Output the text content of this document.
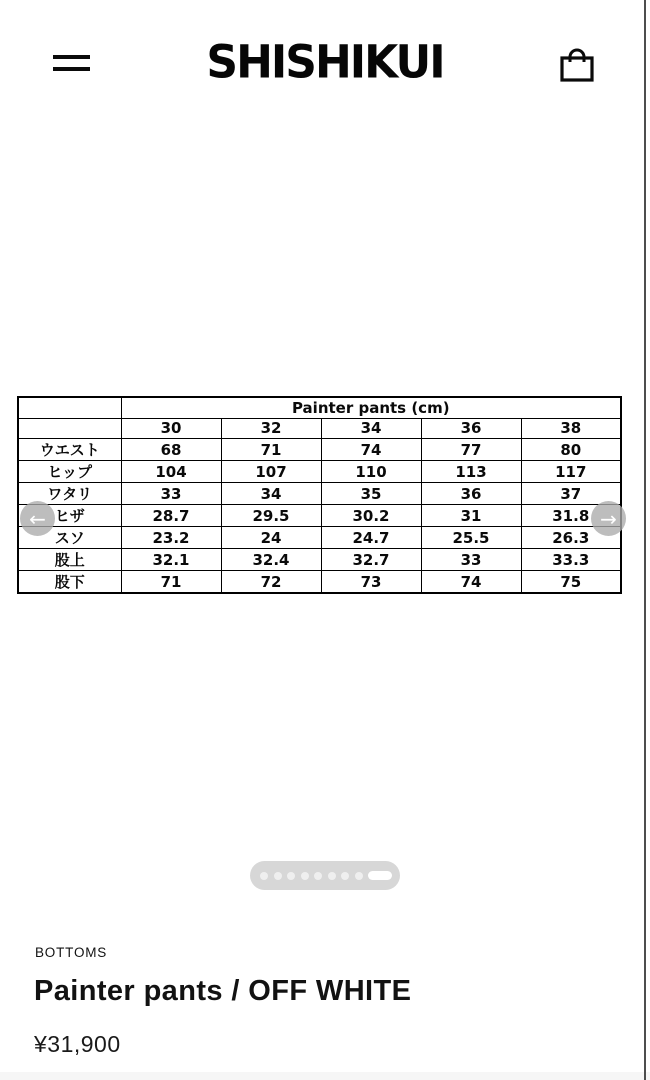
SHISHIKUI
	Painter pants (cm)				
	30	32	34	36	38
ウエスト	68	71	74	77	80
ヒップ	104	107	110	113	117
ワタリ	33	34	35	36	37
ヒザ	28.7	29.5	30.2	31	31.8
スソ	23.2	24	24.7	25.5	26.3
股上	32.1	32.4	32.7	33	33.3
股下	71	72	73	74	75
←	→
BOTTOMS
Painter pants / OFF WHITE
¥31,900
